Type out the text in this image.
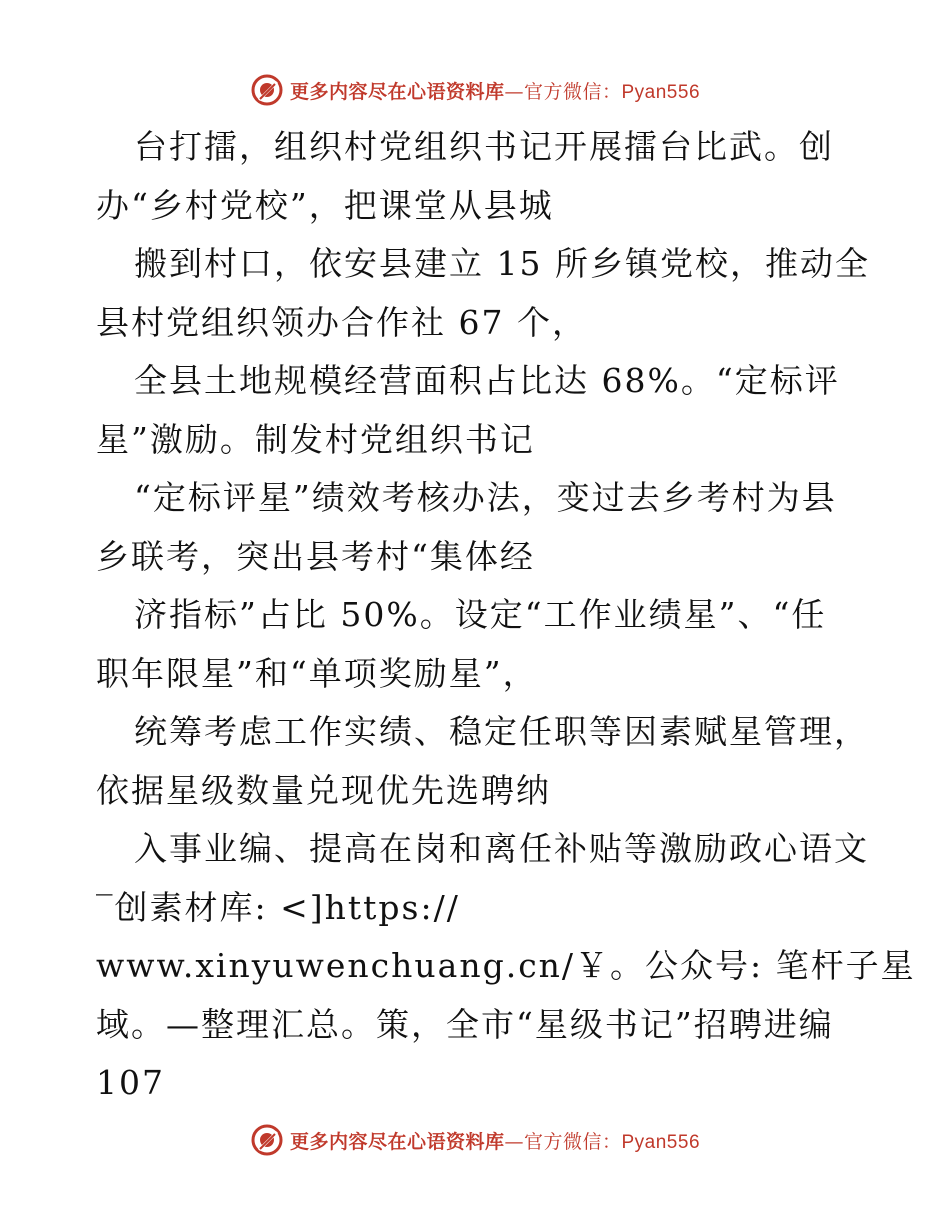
更多内容尽在心语资料库—官方微信：Pyan556
台打擂，组织村党组织书记开展擂台比武。创
办“乡村党校”，把课堂从县城
搬到村口，依安县建立 15 所乡镇党校，推动全
县村党组织领办合作社 67 个，
全县土地规模经营面积占比达 68%。“定标评
星”激励。制发村党组织书记
“定标评星”绩效考核办法，变过去乡考村为县
乡联考，突出县考村“集体经
济指标”占比 50%。设定“工作业绩星”、“任
职年限星”和“单项奖励星”，
统筹考虑工作实绩、稳定任职等因素赋星管理，
依据星级数量兑现优先选聘纳
入事业编、提高在岗和离任补贴等激励政心语文
‾创素材库: <]https://
www.xinyuwenchuang.cn/￥。公众号: 笔杆子星
域。—整理汇总。策，全市“星级书记”招聘进编
107
更多内容尽在心语资料库—官方微信：Pyan556
